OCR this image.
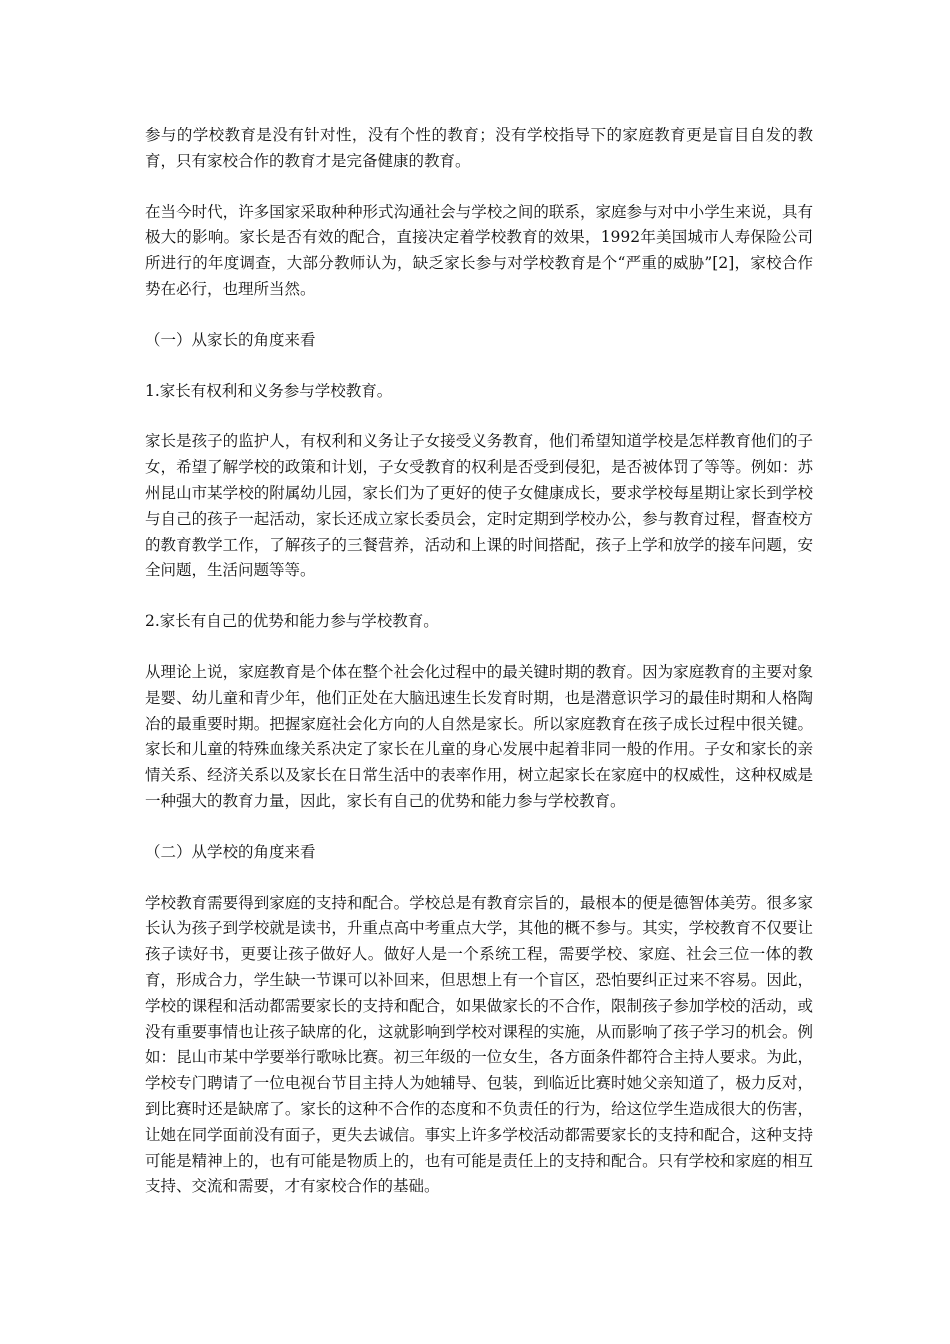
参与的学校教育是没有针对性，没有个性的教育；没有学校指导下的家庭教育更是盲目自发的教育，只有家校合作的教育才是完备健康的教育。

在当今时代，许多国家采取种种形式沟通社会与学校之间的联系，家庭参与对中小学生来说，具有极大的影响。家长是否有效的配合，直接决定着学校教育的效果，1992年美国城市人寿保险公司所进行的年度调查，大部分教师认为，缺乏家长参与对学校教育是个“严重的威胁”[2]，家校合作势在必行，也理所当然。

（一）从家长的角度来看

1.家长有权利和义务参与学校教育。

家长是孩子的监护人，有权利和义务让子女接受义务教育，他们希望知道学校是怎样教育他们的子女，希望了解学校的政策和计划，子女受教育的权利是否受到侵犯，是否被体罚了等等。例如：苏州昆山市某学校的附属幼儿园，家长们为了更好的使子女健康成长，要求学校每星期让家长到学校与自己的孩子一起活动，家长还成立家长委员会，定时定期到学校办公，参与教育过程，督查校方的教育教学工作，了解孩子的三餐营养，活动和上课的时间搭配，孩子上学和放学的接车问题，安全问题，生活问题等等。

2.家长有自己的优势和能力参与学校教育。

从理论上说，家庭教育是个体在整个社会化过程中的最关键时期的教育。因为家庭教育的主要对象是婴、幼儿童和青少年，他们正处在大脑迅速生长发育时期，也是潜意识学习的最佳时期和人格陶冶的最重要时期。把握家庭社会化方向的人自然是家长。所以家庭教育在孩子成长过程中很关键。家长和儿童的特殊血缘关系决定了家长在儿童的身心发展中起着非同一般的作用。子女和家长的亲情关系、经济关系以及家长在日常生活中的表率作用，树立起家长在家庭中的权威性，这种权威是一种强大的教育力量，因此，家长有自己的优势和能力参与学校教育。

（二）从学校的角度来看

学校教育需要得到家庭的支持和配合。学校总是有教育宗旨的，最根本的便是德智体美劳。很多家长认为孩子到学校就是读书，升重点高中考重点大学，其他的概不参与。其实，学校教育不仅要让孩子读好书，更要让孩子做好人。做好人是一个系统工程，需要学校、家庭、社会三位一体的教育，形成合力，学生缺一节课可以补回来，但思想上有一个盲区，恐怕要纠正过来不容易。因此，学校的课程和活动都需要家长的支持和配合，如果做家长的不合作，限制孩子参加学校的活动，或没有重要事情也让孩子缺席的化，这就影响到学校对课程的实施，从而影响了孩子学习的机会。例如：昆山市某中学要举行歌咏比赛。初三年级的一位女生，各方面条件都符合主持人要求。为此，学校专门聘请了一位电视台节目主持人为她辅导、包装，到临近比赛时她父亲知道了，极力反对，到比赛时还是缺席了。家长的这种不合作的态度和不负责任的行为，给这位学生造成很大的伤害，让她在同学面前没有面子，更失去诚信。事实上许多学校活动都需要家长的支持和配合，这种支持可能是精神上的，也有可能是物质上的，也有可能是责任上的支持和配合。只有学校和家庭的相互支持、交流和需要，才有家校合作的基础。
